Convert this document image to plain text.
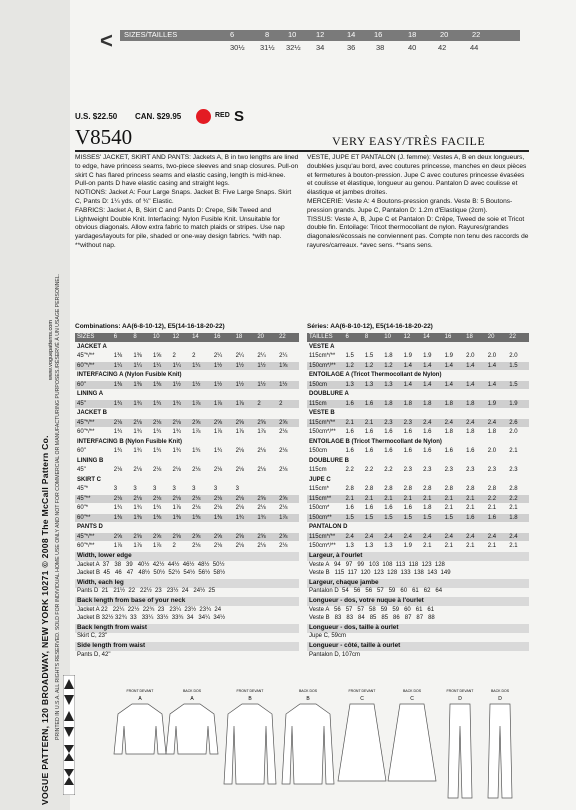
VOGUE PATTERN, 120 BROADWAY, NEW YORK 10271 © 2008 The McCall Pattern Co. PRINTED IN U.S.A. ALL RIGHTS RESERVED. SOLD FOR INDIVIDUAL HOME USE ONLY AND NOT FOR COMMERCIAL OR MANUFACTURING PURPOSES./RÉSERVÉ À UN USAGE PERSONNEL.
www.voguepatterns.com
< SIZES/TAILLES	6	8	10	12	14 16	18	20	22
30½ 31½ 32½ 34	36	38	40	42	44
U.S. $22.50 CAN. $29.95	RED S
V8540	VERY EASY/TRÈS FACILE

MISSES' JACKET, SKIRT AND PANTS: Jackets A, B in two lengths are lined to edge, have princess seams, two-piece sleeves and snap closures. Pull-on skirt C has flared princess seams and elastic casing, length is mid-knee. Pull-on pants D have elastic casing and straight legs.

NOTIONS: Jacket A: Four Large Snaps. Jacket B: Five Large Snaps. Skirt C, Pants D: 1¼ yds. of ¾" Elastic.

FABRICS: Jacket A, B, Skirt C and Pants D: Crepe, Silk Tweed and Lightweight Double Knit. Interfacing: Nylon Fusible Knit. Unsuitable for obvious diagonals. Allow extra fabric to match plaids or stripes. Use nap yardages/layouts for pile, shaded or one-way design fabrics. *with nap. **without nap.

VESTE, JUPE ET PANTALON (J. femme): Vestes A, B en deux longueurs, doublées jusqu'au bord, avec coutures princesse, manches en deux pièces et fermetures à bouton-pression. Jupe C avec coutures princesse évasées et coulisse et élastique, longueur au genou. Pantalon D avec coulisse et élastique et jambes droites.

MERCERIE: Veste A: 4 Boutons-pression grands. Veste B: 5 Boutons-pression grands. Jupe C, Pantalon D: 1.2m d'Elastique (2cm).

TISSUS: Veste A, B, Jupe C et Pantalon D: Crêpe, Tweed de soie et Tricot double fin. Entoilage: Tricot thermocollant de nylon. Rayures/grandes diagonales/écossais ne conviennent pas. Compte non tenu des raccords de rayures/carreaux. *avec sens. **sans sens.

Combinations: AA(6-8-10-12), E5(14-16-18-20-22)	Séries: AA(6-8-10-12), E5(14-16-18-20-22)
SIZES	6	8	10 12 14	16	18	20	22
JACKET A
45"*/**	1⅜ 1⅜ 1⅝ 2	2	2¼ 2¼ 2¼ 2¼
60"*/**	1¼ 1¼ 1¼ 1¼ 1¼ 1½ 1½ 1½ 1⅝
INTERFACING A (Nylon Fusible Knit)
60"	1⅜ 1⅜ 1⅜ 1½ 1½ 1½ 1½ 1½ 1½
LINING A
45"	1¾ 1¾ 1¾ 1¾ 1⅞ 1⅞ 1⅞ 2	2
JACKET B
45"*/**	2⅛ 2⅛ 2⅛ 2⅛ 2⅝ 2⅝ 2⅝ 2⅝ 2⅝
60"*/**	1¾ 1¾ 1¾ 1¾ 1⅞ 1⅞ 1⅞ 1⅞ 2⅛
INTERFACING B (Nylon Fusible Knit)
60"	1¾ 1¾ 1¾ 1¾ 1¾ 1¾ 2⅛ 2⅛ 2⅛
LINING B
45"	2⅛ 2⅛ 2⅛ 2⅛ 2⅛ 2⅛ 2⅛ 2⅛ 2⅛
SKIRT C
45"*	3	3	3	3	3	3	3
45"**	2⅛ 2⅛ 2⅛ 2⅛ 2⅛ 2⅛ 2⅛ 2⅝ 2⅝
60"*	1¾ 1¾ 1¾ 1⅞ 2⅛ 2⅛ 2⅛ 2⅛ 2⅛
60"**	1⅜ 1⅜ 1⅜ 1⅜ 1⅜ 1⅜ 1¾ 1¾ 1⅞
PANTS D
45"*/**	2⅝ 2⅝ 2⅝ 2⅝ 2⅝ 2⅝ 2⅝ 2⅝ 2⅝
60"*/**	1⅞ 1⅞ 1⅞ 2	2⅛ 2⅛ 2⅛ 2⅛ 2⅛
TAILLES 6	8	10 12 14 16 18 20 22
VESTE A
115cm*/** 1.5 1.5 1.8 1.9 1.9 1.9 2.0 2.0 2.0
150cm*/** 1.2 1.2 1.2 1.4 1.4 1.4 1.4 1.4 1.5
ENTOILAGE A (Tricot Thermocollant de Nylon)
150cm	1.3 1.3 1.3 1.4 1.4 1.4 1.4 1.4 1.5
DOUBLURE A
115cm	1.6 1.6 1.8 1.8 1.8 1.8 1.8 1.9 1.9
VESTE B
115cm*/** 2.1 2.1 2.3 2.3 2.4 2.4 2.4 2.4 2.6
150cm*/** 1.6 1.6 1.6 1.6 1.6 1.8 1.8 1.8 2.0
ENTOILAGE B (Tricot Thermocollant de Nylon)
150cm	1.6 1.6 1.6 1.6 1.6 1.6 1.6 2.0 2.1
DOUBLURE B
115cm	2.2 2.2 2.2 2.3 2.3 2.3 2.3 2.3 2.3
JUPE C
115cm*	2.8 2.8 2.8 2.8 2.8 2.8 2.8 2.8 2.8
115cm** 2.1 2.1 2.1 2.1 2.1 2.1 2.1 2.2 2.2
150cm*	1.6 1.6 1.6 1.6 1.8 2.1 2.1 2.1 2.1
150cm** 1.5 1.5 1.5 1.5 1.5 1.5 1.6 1.6 1.8
PANTALON D
115cm*/** 2.4 2.4 2.4 2.4 2.4 2.4 2.4 2.4 2.4
150cm*/** 1.3 1.3 1.3 1.9 2.1 2.1 2.1 2.1 2.1
Width, lower edge
Jacket A  37   38   39   40½  42½  44½  46½  48½  50½
Jacket B  45   46   47   48½  50½  52½  54½  56½  58½
Width, each leg
Pants D  21   21½  22   22½  23   23½  24   24½  25
Back length from base of your neck
Jacket A 22   22¼  22½  22¾  23   23¼  23½  23¾  24
Jacket B 32½ 32¾  33   33¼  33½  33¾  34   34¼  34½
Back length from waist
Skirt C, 23"
Side length from waist
Pants D, 42"
Largeur, à l'ourlet
Veste A   94   97   99   103  108  113  118  123  128
Veste B   115  117  120  123  128  133  138  143  149
Largeur, chaque jambe
Pantalon D  54   56   56   57   59   60   61   62   64
Longueur - dos, votre nuque à l'ourlet
Veste A   56   57   57   58   59   59   60   61   61
Veste B   83   83   84   85   85   86   87   87   88
Longueur - dos, taille à ourlet
Jupe C, 59cm
Longueur - côté, taille à ourlet
Pantalon D, 107cm
FRONT DEVANT
A
BACK DOS
A
FRONT DEVANT
B
BACK DOS
B
FRONT DEVANT
C
BACK DOS
C
FRONT DEVANT
D
BACK DOS
D
